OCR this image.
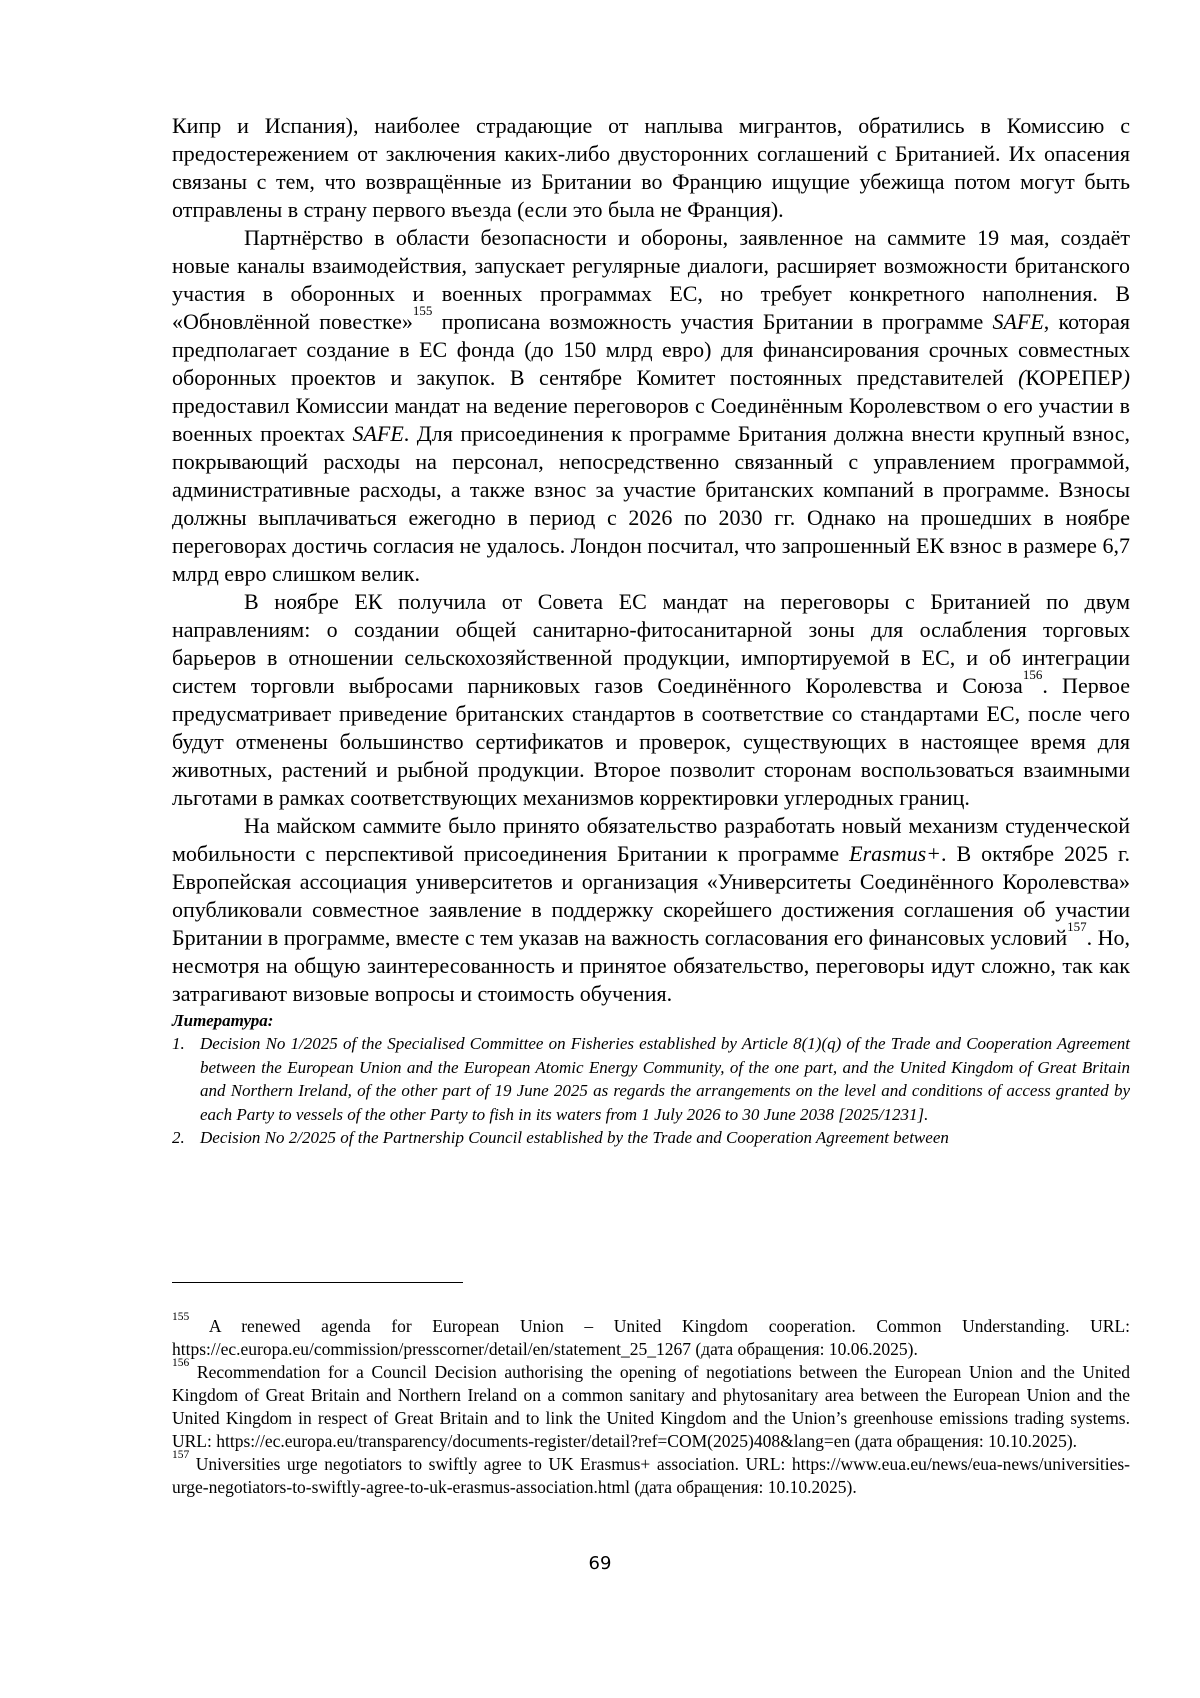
Кипр и Испания), наиболее страдающие от наплыва мигрантов, обратились в Комиссию с предостережением от заключения каких-либо двусторонних соглашений с Британией. Их опасения связаны с тем, что возвращённые из Британии во Францию ищущие убежища потом могут быть отправлены в страну первого въезда (если это была не Франция).

Партнёрство в области безопасности и обороны, заявленное на саммите 19 мая, создаёт новые каналы взаимодействия, запускает регулярные диалоги, расширяет возможности британского участия в оборонных и военных программах ЕС, но требует конкретного наполнения. В «Обновлённой повестке»$^{155}$ прописана возможность участия Британии в программе SAFE, которая предполагает создание в ЕС фонда (до 150 млрд евро) для финансирования срочных совместных оборонных проектов и закупок. В сентябре Комитет постоянных представителей (КОРЕПЕР) предоставил Комиссии мандат на ведение переговоров с Соединённым Королевством о его участии в военных проектах SAFE. Для присоединения к программе Британия должна внести крупный взнос, покрывающий расходы на персонал, непосредственно связанный с управлением программой, административные расходы, а также взнос за участие британских компаний в программе. Взносы должны выплачиваться ежегодно в период с 2026 по 2030 гг. Однако на прошедших в ноябре переговорах достичь согласия не удалось. Лондон посчитал, что запрошенный ЕК взнос в размере 6,7 млрд евро слишком велик.

В ноябре ЕК получила от Совета ЕС мандат на переговоры с Британией по двум направлениям: о создании общей санитарно-фитосанитарной зоны для ослабления торговых барьеров в отношении сельскохозяйственной продукции, импортируемой в ЕС, и об интеграции систем торговли выбросами парниковых газов Соединённого Королевства и Союза$^{156}$. Первое предусматривает приведение британских стандартов в соответствие со стандартами ЕС, после чего будут отменены большинство сертификатов и проверок, существующих в настоящее время для животных, растений и рыбной продукции. Второе позволит сторонам воспользоваться взаимными льготами в рамках соответствующих механизмов корректировки углеродных границ.

На майском саммите было принято обязательство разработать новый механизм студенческой мобильности с перспективой присоединения Британии к программе Erasmus+. В октябре 2025 г. Европейская ассоциация университетов и организация «Университеты Соединённого Королевства» опубликовали совместное заявление в поддержку скорейшего достижения соглашения об участии Британии в программе, вместе с тем указав на важность согласования его финансовых условий$^{157}$. Но, несмотря на общую заинтересованность и принятое обязательство, переговоры идут сложно, так как затрагивают визовые вопросы и стоимость обучения.

Литература:
1. Decision No 1/2025 of the Specialised Committee on Fisheries established by Article 8(1)(q) of the Trade and Cooperation Agreement between the European Union and the European Atomic Energy Community, of the one part, and the United Kingdom of Great Britain and Northern Ireland, of the other part of 19 June 2025 as regards the arrangements on the level and conditions of access granted by each Party to vessels of the other Party to fish in its waters from 1 July 2026 to 30 June 2038 [2025/1231].
2. Decision No 2/2025 of the Partnership Council established by the Trade and Cooperation Agreement between

$^{155}$ A renewed agenda for European Union – United Kingdom cooperation. Common Understanding. URL: https://ec.europa.eu/commission/presscorner/detail/en/statement_25_1267 (дата обращения: 10.06.2025).

$^{156}$ Recommendation for a Council Decision authorising the opening of negotiations between the European Union and the United Kingdom of Great Britain and Northern Ireland on a common sanitary and phytosanitary area between the European Union and the United Kingdom in respect of Great Britain and to link the United Kingdom and the Union’s greenhouse emissions trading systems. URL: https://ec.europa.eu/transparency/documents-register/detail?ref=COM(2025)408&lang=en (дата обращения: 10.10.2025).

$^{157}$ Universities urge negotiators to swiftly agree to UK Erasmus+ association. URL: https://www.eua.eu/news/eua-news/universities-urge-negotiators-to-swiftly-agree-to-uk-erasmus-association.html (дата обращения: 10.10.2025).

69
